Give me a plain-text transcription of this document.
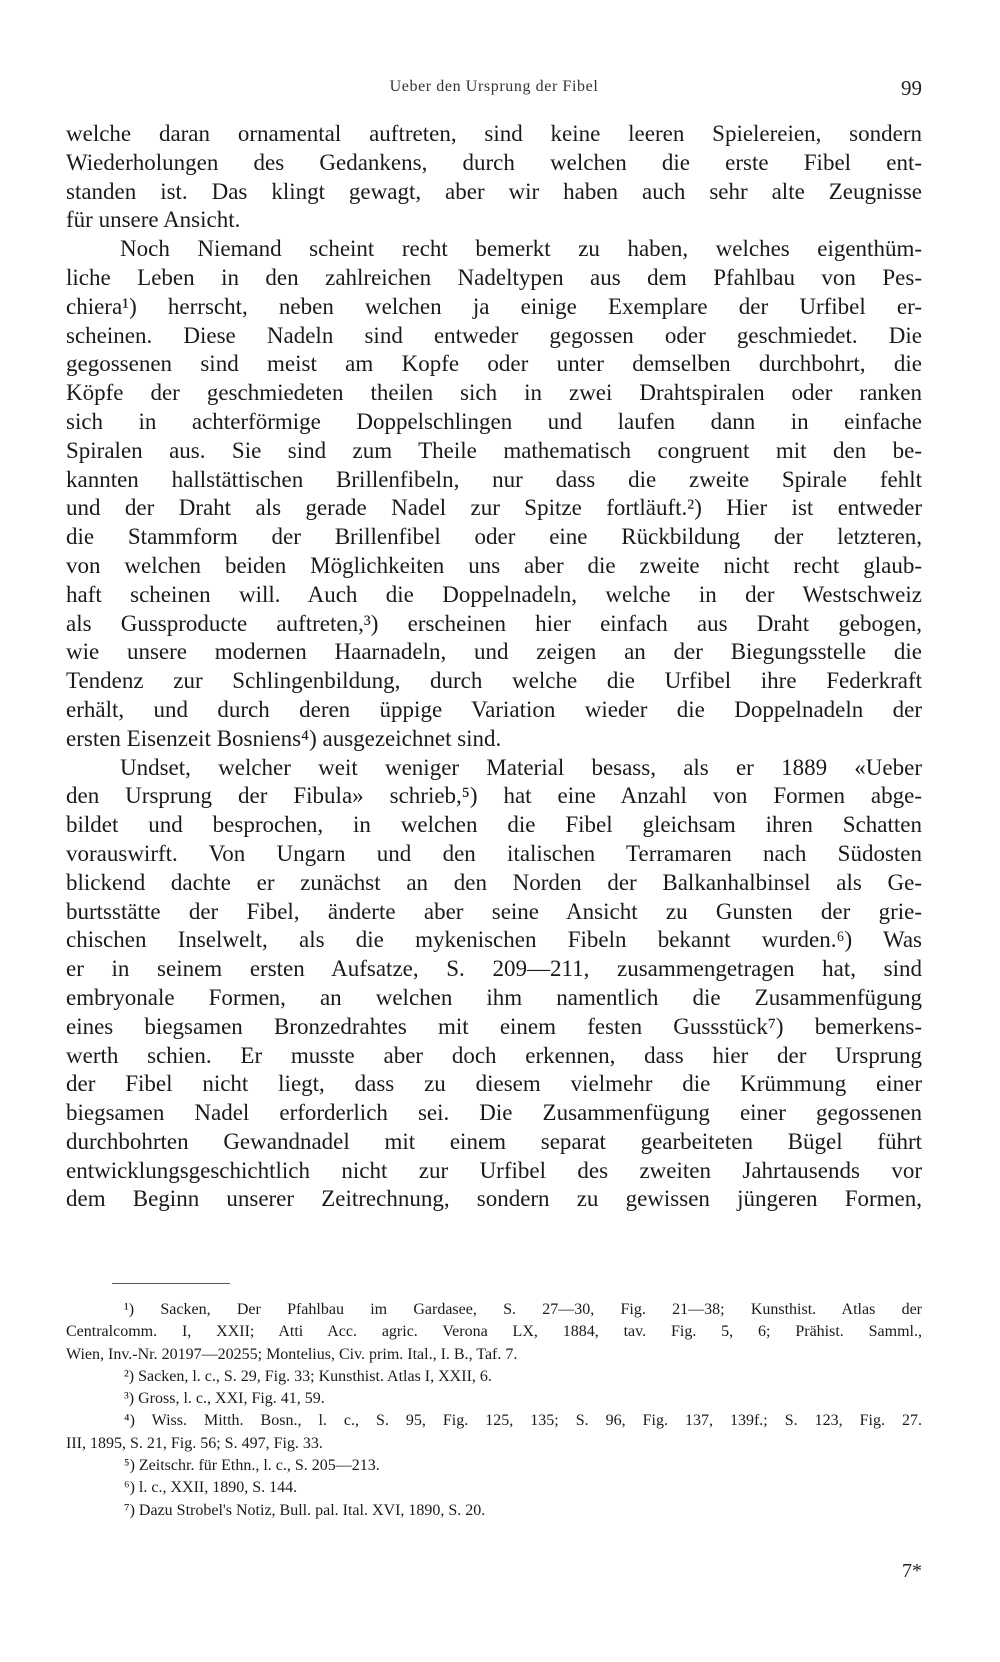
Ueber den Ursprung der Fibel	99

welche daran ornamental auftreten, sind keine leeren Spielereien, sondern

Wiederholungen des Gedankens, durch welchen die erste Fibel ent-

standen ist. Das klingt gewagt, aber wir haben auch sehr alte Zeugnisse

für unsere Ansicht.

Noch Niemand scheint recht bemerkt zu haben, welches eigenthüm-

liche Leben in den zahlreichen Nadeltypen aus dem Pfahlbau von Pes-

chiera¹) herrscht, neben welchen ja einige Exemplare der Urfibel er-

scheinen. Diese Nadeln sind entweder gegossen oder geschmiedet. Die

gegossenen sind meist am Kopfe oder unter demselben durchbohrt, die

Köpfe der geschmiedeten theilen sich in zwei Drahtspiralen oder ranken

sich in achterförmige Doppelschlingen und laufen dann in einfache

Spiralen aus. Sie sind zum Theile mathematisch congruent mit den be-

kannten hallstättischen Brillenfibeln, nur dass die zweite Spirale fehlt

und der Draht als gerade Nadel zur Spitze fortläuft.²) Hier ist entweder

die Stammform der Brillenfibel oder eine Rückbildung der letzteren,

von welchen beiden Möglichkeiten uns aber die zweite nicht recht glaub-

haft scheinen will. Auch die Doppelnadeln, welche in der Westschweiz

als Gussproducte auftreten,³) erscheinen hier einfach aus Draht gebogen,

wie unsere modernen Haarnadeln, und zeigen an der Biegungsstelle die

Tendenz zur Schlingenbildung, durch welche die Urfibel ihre Federkraft

erhält, und durch deren üppige Variation wieder die Doppelnadeln der

ersten Eisenzeit Bosniens⁴) ausgezeichnet sind.

Undset, welcher weit weniger Material besass, als er 1889 «Ueber

den Ursprung der Fibula» schrieb,⁵) hat eine Anzahl von Formen abge-

bildet und besprochen, in welchen die Fibel gleichsam ihren Schatten

vorauswirft. Von Ungarn und den italischen Terramaren nach Südosten

blickend dachte er zunächst an den Norden der Balkanhalbinsel als Ge-

burtsstätte der Fibel, änderte aber seine Ansicht zu Gunsten der grie-

chischen Inselwelt, als die mykenischen Fibeln bekannt wurden.⁶) Was

er in seinem ersten Aufsatze, S. 209—211, zusammengetragen hat, sind

embryonale Formen, an welchen ihm namentlich die Zusammenfügung

eines biegsamen Bronzedrahtes mit einem festen Gussstück⁷) bemerkens-

werth schien. Er musste aber doch erkennen, dass hier der Ursprung

der Fibel nicht liegt, dass zu diesem vielmehr die Krümmung einer

biegsamen Nadel erforderlich sei. Die Zusammenfügung einer gegossenen

durchbohrten Gewandnadel mit einem separat gearbeiteten Bügel führt

entwicklungsgeschichtlich nicht zur Urfibel des zweiten Jahrtausends vor

dem Beginn unserer Zeitrechnung, sondern zu gewissen jüngeren Formen,

¹) Sacken, Der Pfahlbau im Gardasee, S. 27—30, Fig. 21—38; Kunsthist. Atlas der

Centralcomm. I, XXII; Atti Acc. agric. Verona LX, 1884, tav. Fig. 5, 6; Prähist. Samml.,

Wien, Inv.-Nr. 20197—20255; Montelius, Civ. prim. Ital., I. B., Taf. 7.

²) Sacken, l. c., S. 29, Fig. 33; Kunsthist. Atlas I, XXII, 6.

³) Gross, l. c., XXI, Fig. 41, 59.

⁴) Wiss. Mitth. Bosn., l. c., S. 95, Fig. 125, 135; S. 96, Fig. 137, 139f.; S. 123, Fig. 27.

III, 1895, S. 21, Fig. 56; S. 497, Fig. 33.

⁵) Zeitschr. für Ethn., l. c., S. 205—213.

⁶) l. c., XXII, 1890, S. 144.

⁷) Dazu Strobel's Notiz, Bull. pal. Ital. XVI, 1890, S. 20.

7*
